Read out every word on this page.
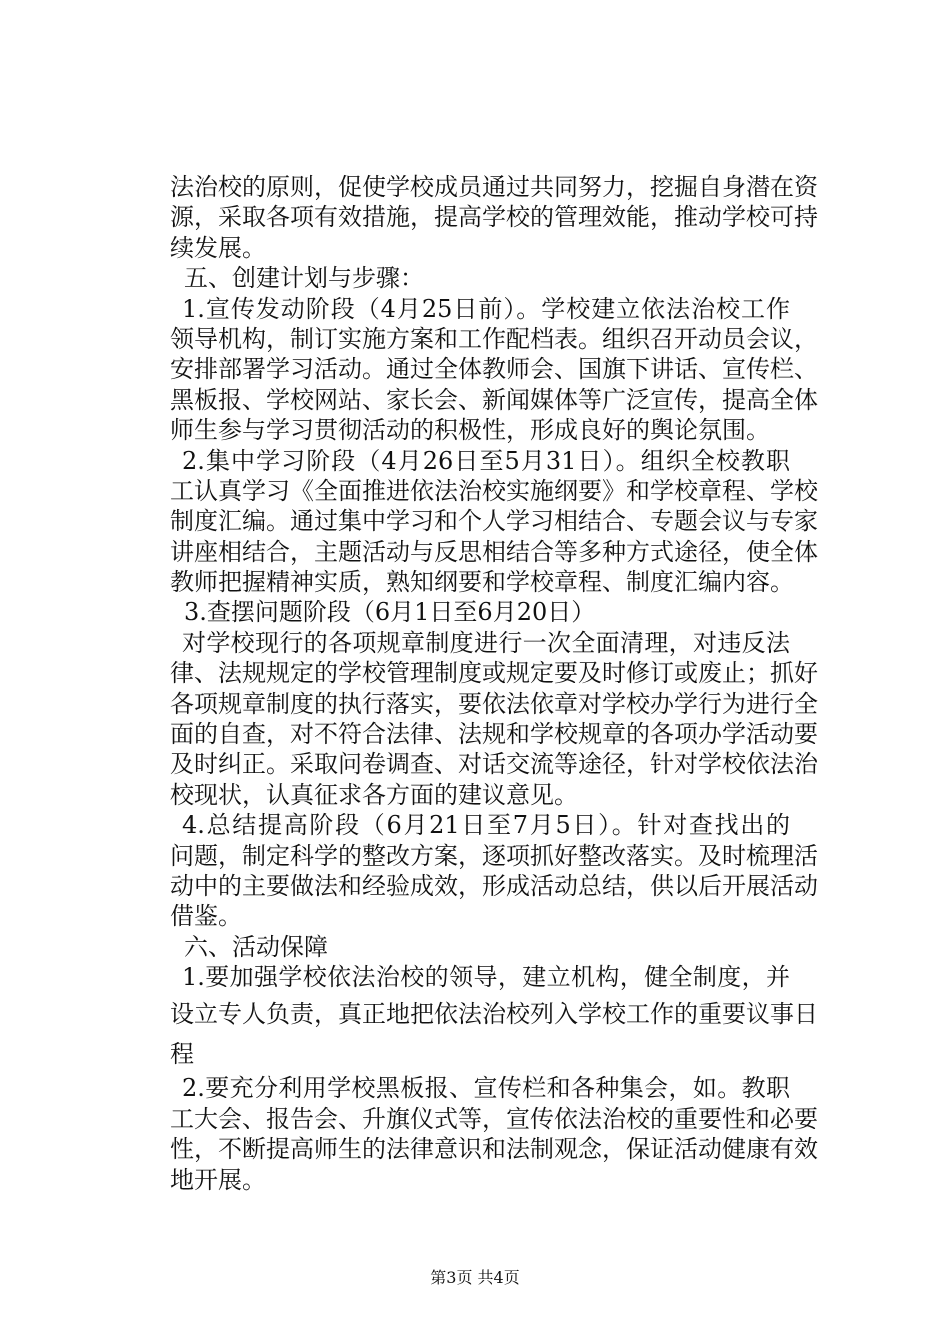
法治校的原则，促使学校成员通过共同努力，挖掘自身潜在资
源，采取各项有效措施，提高学校的管理效能，推动学校可持
续发展。
五、创建计划与步骤：
1.宣传发动阶段（4月25日前）。学校建立依法治校工作
领导机构，制订实施方案和工作配档表。组织召开动员会议，
安排部署学习活动。通过全体教师会、国旗下讲话、宣传栏、
黑板报、学校网站、家长会、新闻媒体等广泛宣传，提高全体
师生参与学习贯彻活动的积极性，形成良好的舆论氛围。
2.集中学习阶段（4月26日至5月31日）。组织全校教职
工认真学习《全面推进依法治校实施纲要》和学校章程、学校
制度汇编。通过集中学习和个人学习相结合、专题会议与专家
讲座相结合，主题活动与反思相结合等多种方式途径，使全体
教师把握精神实质，熟知纲要和学校章程、制度汇编内容。
3.查摆问题阶段（6月1日至6月20日）
对学校现行的各项规章制度进行一次全面清理，对违反法
律、法规规定的学校管理制度或规定要及时修订或废止；抓好
各项规章制度的执行落实，要依法依章对学校办学行为进行全
面的自查，对不符合法律、法规和学校规章的各项办学活动要
及时纠正。采取问卷调查、对话交流等途径，针对学校依法治
校现状，认真征求各方面的建议意见。
4.总结提高阶段（6月21日至7月5日）。针对查找出的
问题，制定科学的整改方案，逐项抓好整改落实。及时梳理活
动中的主要做法和经验成效，形成活动总结，供以后开展活动
借鉴。
六、活动保障
1.要加强学校依法治校的领导，建立机构，健全制度，并
设立专人负责，真正地把依法治校列入学校工作的重要议事日
程
2.要充分利用学校黑板报、宣传栏和各种集会，如。教职
工大会、报告会、升旗仪式等，宣传依法治校的重要性和必要
性，不断提高师生的法律意识和法制观念，保证活动健康有效
地开展。
第3页 共4页
